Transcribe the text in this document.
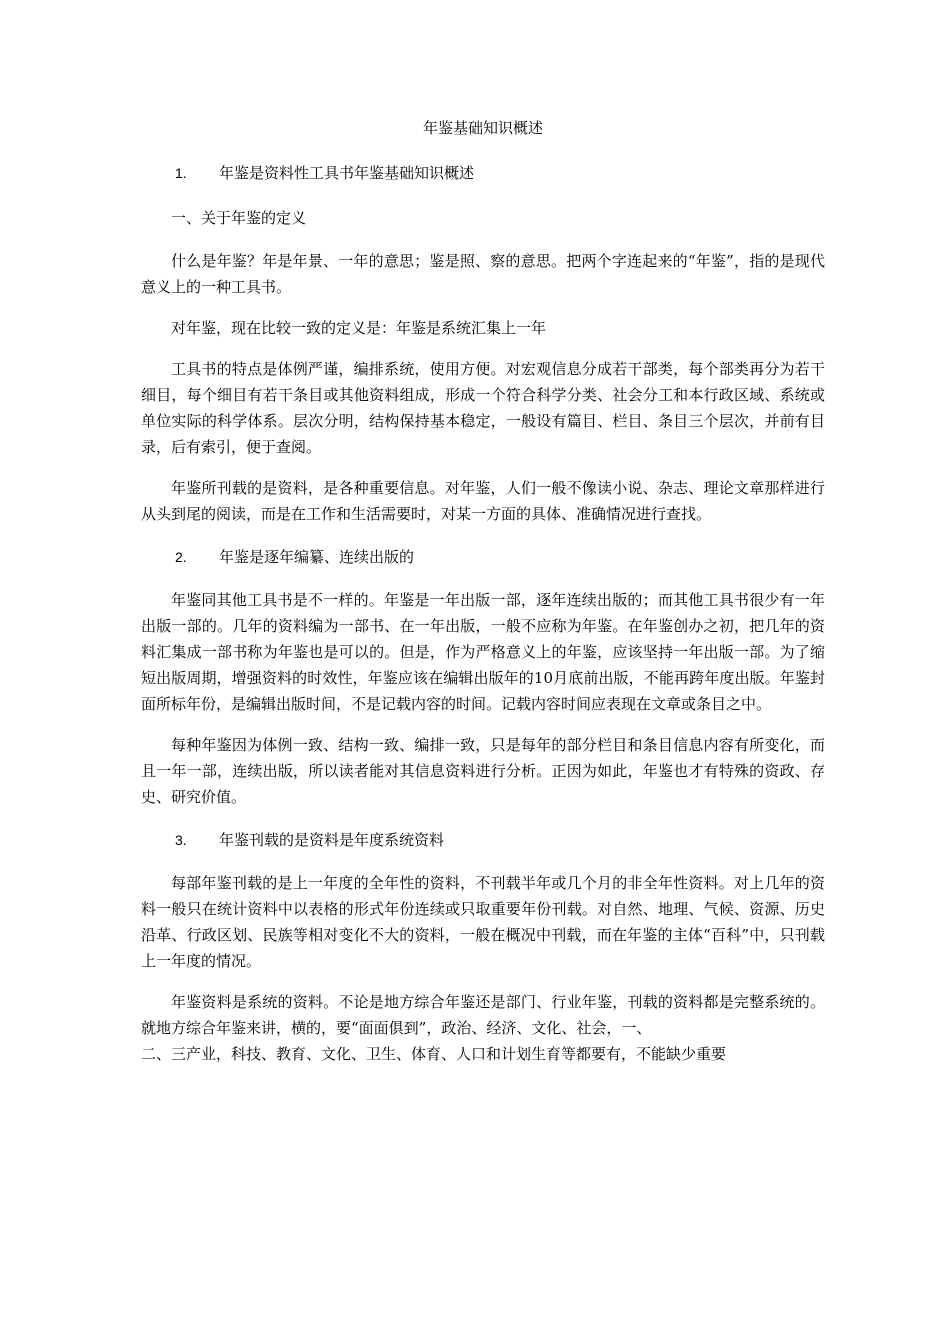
年鉴基础知识概述
1.	年鉴是资料性工具书年鉴基础知识概述
一、关于年鉴的定义

什么是年鉴？年是年景、一年的意思；鉴是照、察的意思。把两个字连起来的“年鉴”，指的是现代意义上的一种工具书。

对年鉴，现在比较一致的定义是：年鉴是系统汇集上一年

工具书的特点是体例严谨，编排系统，使用方便。对宏观信息分成若干部类，每个部类再分为若干细目，每个细目有若干条目或其他资料组成，形成一个符合科学分类、社会分工和本行政区域、系统或单位实际的科学体系。层次分明，结构保持基本稳定，一般设有篇目、栏目、条目三个层次，并前有目录，后有索引，便于查阅。

年鉴所刊载的是资料，是各种重要信息。对年鉴，人们一般不像读小说、杂志、理论文章那样进行从头到尾的阅读，而是在工作和生活需要时，对某一方面的具体、准确情况进行查找。

2.	年鉴是逐年编纂、连续出版的

年鉴同其他工具书是不一样的。年鉴是一年出版一部，逐年连续出版的；而其他工具书很少有一年出版一部的。几年的资料编为一部书、在一年出版，一般不应称为年鉴。在年鉴创办之初，把几年的资料汇集成一部书称为年鉴也是可以的。但是，作为严格意义上的年鉴，应该坚持一年出版一部。为了缩短出版周期，增强资料的时效性，年鉴应该在编辑出版年的10月底前出版，不能再跨年度出版。年鉴封面所标年份，是编辑出版时间，不是记载内容的时间。记载内容时间应表现在文章或条目之中。

每种年鉴因为体例一致、结构一致、编排一致，只是每年的部分栏目和条目信息内容有所变化，而且一年一部，连续出版，所以读者能对其信息资料进行分析。正因为如此，年鉴也才有特殊的资政、存史、研究价值。

3.	年鉴刊载的是资料是年度系统资料

每部年鉴刊载的是上一年度的全年性的资料，不刊载半年或几个月的非全年性资料。对上几年的资料一般只在统计资料中以表格的形式年份连续或只取重要年份刊载。对自然、地理、气候、资源、历史沿革、行政区划、民族等相对变化不大的资料，一般在概况中刊载，而在年鉴的主体“百科”中，只刊载上一年度的情况。

年鉴资料是系统的资料。不论是地方综合年鉴还是部门、行业年鉴，刊载的资料都是完整系统的。就地方综合年鉴来讲，横的，要“面面俱到”，政治、经济、文化、社会，一、
二、三产业，科技、教育、文化、卫生、体育、人口和计划生育等都要有，不能缺少重要
